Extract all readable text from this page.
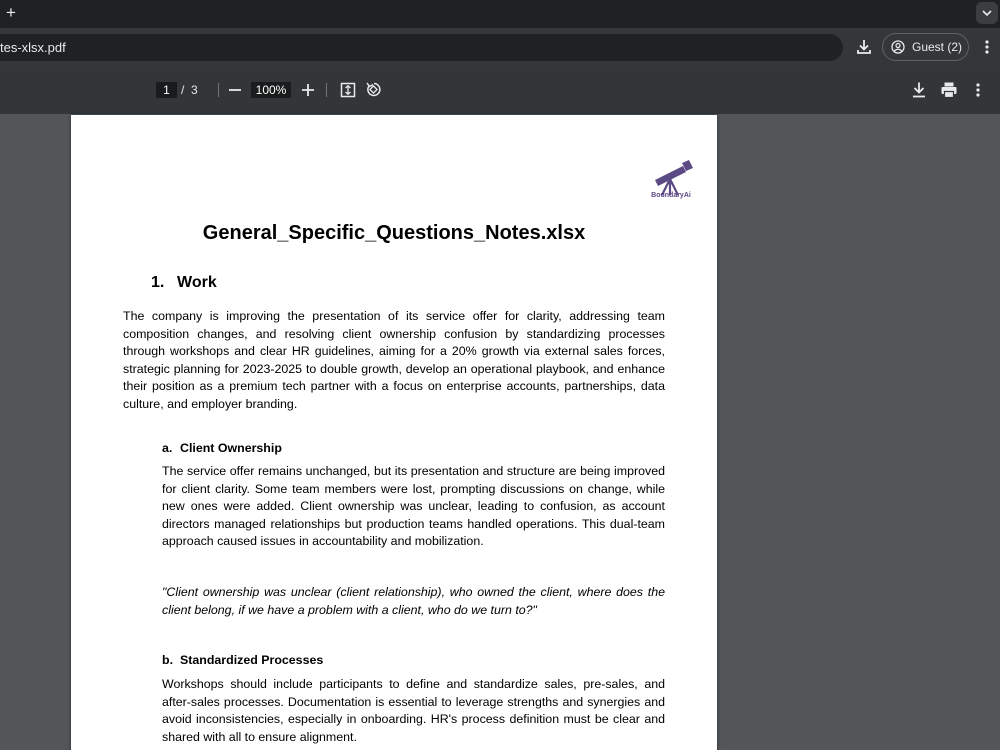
+
tes-xlsx.pdf	Guest (2)
1 / 3	100%
BoundaryAi
General_Specific_Questions_Notes.xlsx
1. Work
The company is improving the presentation of its service offer for clarity, addressing team composition changes, and resolving client ownership confusion by standardizing processes through workshops and clear HR guidelines, aiming for a 20% growth via external sales forces, strategic planning for 2023-2025 to double growth, develop an operational playbook, and enhance their position as a premium tech partner with a focus on enterprise accounts, partnerships, data culture, and employer branding.
a. Client Ownership
The service offer remains unchanged, but its presentation and structure are being improved for client clarity. Some team members were lost, prompting discussions on change, while new ones were added. Client ownership was unclear, leading to confusion, as account directors managed relationships but production teams handled operations. This dual-team approach caused issues in accountability and mobilization.
"Client ownership was unclear (client relationship), who owned the client, where does the client belong, if we have a problem with a client, who do we turn to?"
b. Standardized Processes
Workshops should include participants to define and standardize sales, pre-sales, and after-sales processes. Documentation is essential to leverage strengths and synergies and avoid inconsistencies, especially in onboarding. HR's process definition must be clear and shared with all to ensure alignment.
